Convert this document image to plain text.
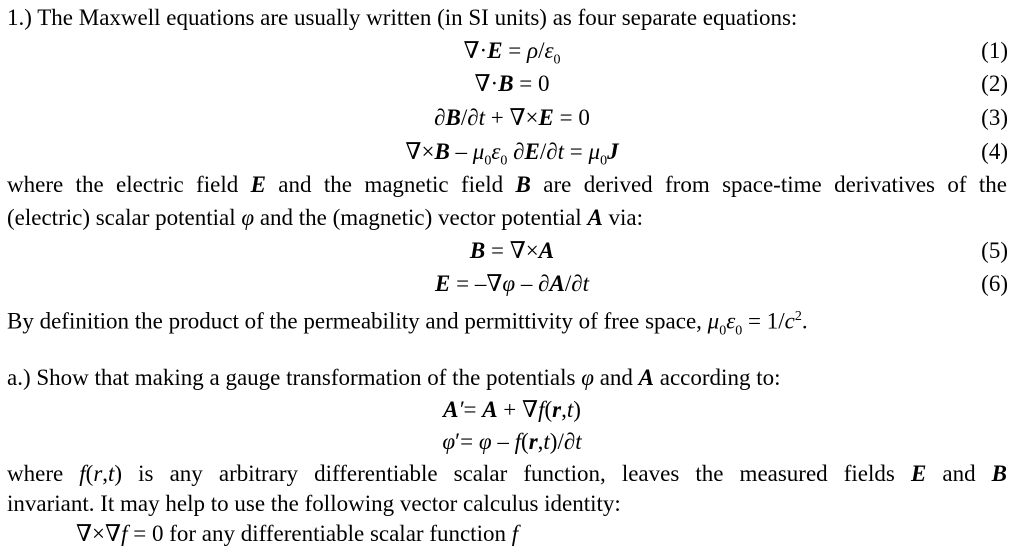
1.) The Maxwell equations are usually written (in SI units) as four separate equations:
$\nabla\cdot E = \rho/\varepsilon_0$	(1)
∇·B = 0	(2)
∂B/∂t + ∇×E = 0	(3)
$\nabla\times B - \mu_0\varepsilon_0$ $\partial E/\partial t = \mu_0J$	(4)
where the electric field E and the magnetic field B are derived from space-time derivatives of the
(electric) scalar potential φ and the (magnetic) vector potential A via:
B = ∇×A	(5)
E = –∇φ – ∂A/∂t	(6)
By definition the product of the permeability and permittivity of free space, $\mu_0\varepsilon_0 = 1/c^2$.
a.) Show that making a gauge transformation of the potentials φ and A according to:
A′= A + ∇f(r,t)
φ′= φ – f(r,t)/∂t
where f(r,t) is any arbitrary differentiable scalar function, leaves the measured fields E and B
invariant. It may help to use the following vector calculus identity:
∇×∇f = 0 for any differentiable scalar function f
